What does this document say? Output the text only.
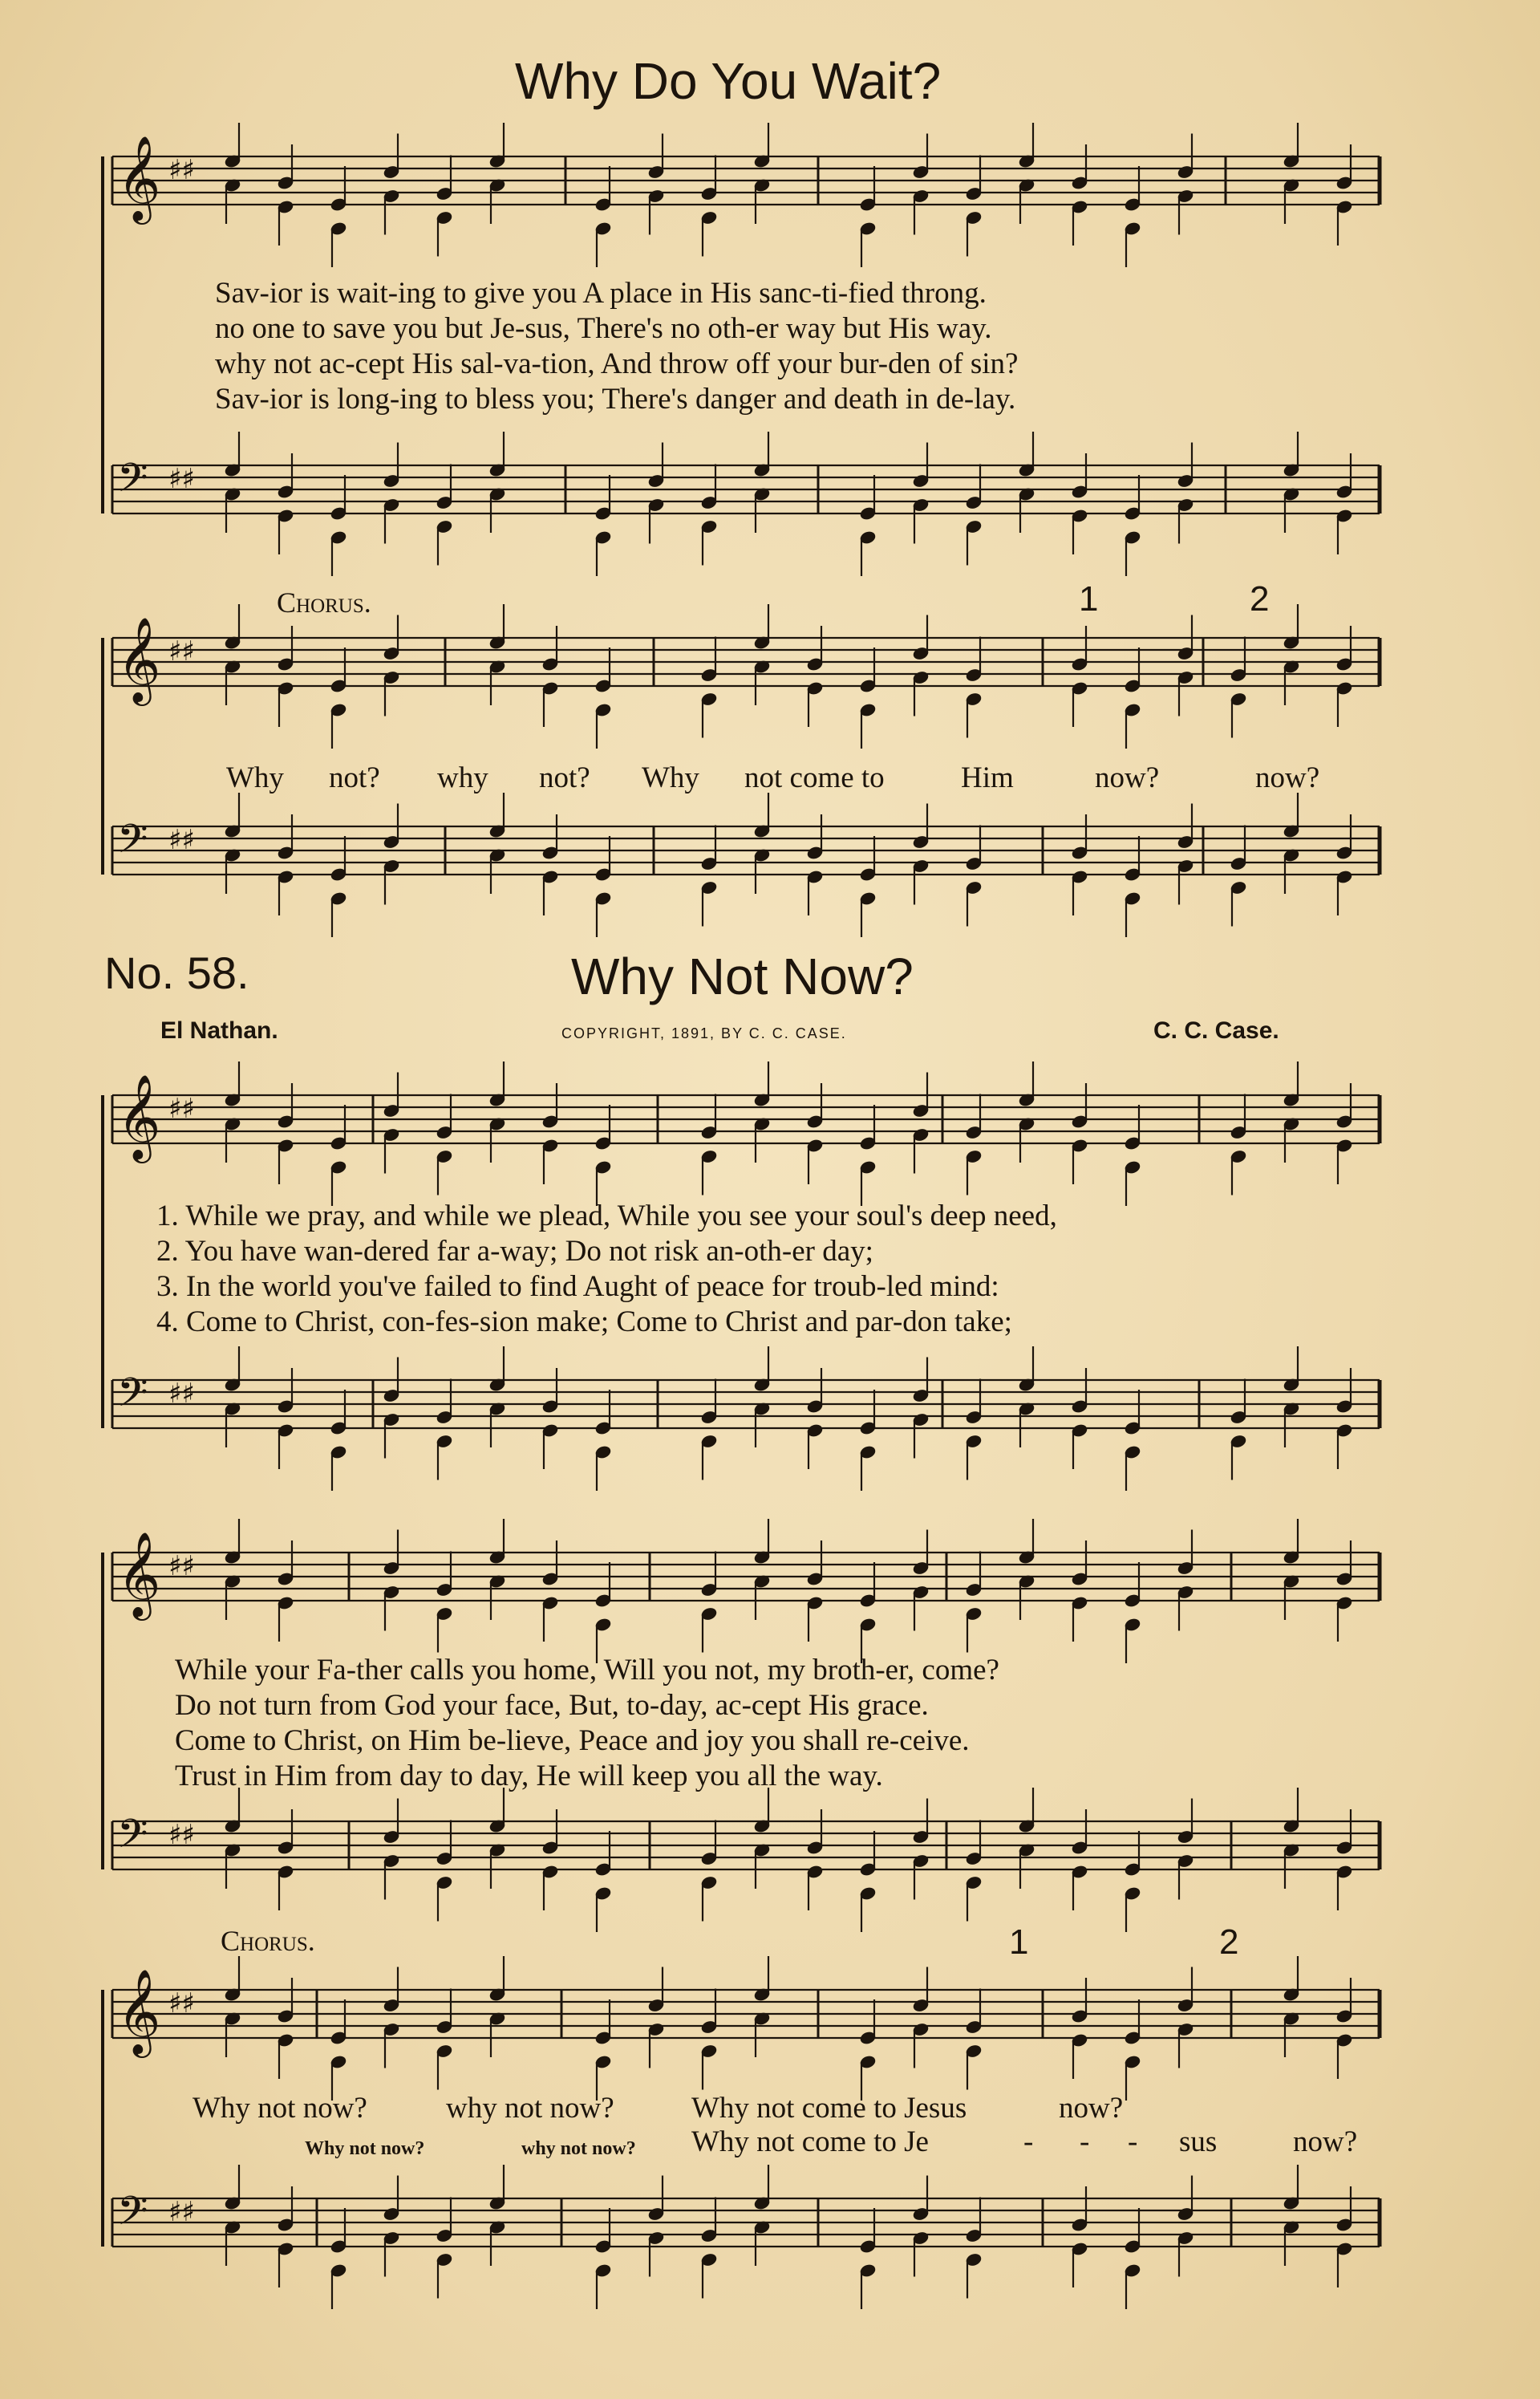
𝄞 ♯♯
𝄢 ♯♯
𝄞 ♯♯
𝄢 ♯♯
𝄞 ♯♯
𝄢 ♯♯
𝄞 ♯♯
𝄢 ♯♯
𝄞 ♯♯
𝄢 ♯♯
Why Do You Wait?
Sav-ior is wait-ing to give you A place in His sanc-ti-fied throng.
no one to save you but Je-sus, There's no oth-er way but His way.
why not ac-cept His sal-va-tion, And throw off your bur-den of sin?
Sav-ior is long-ing to bless you; There's danger and death in de-lay.
Chorus.	1	2
Why not? why not? Why not come to	Him	now?	now?
No. 58.	Why Not Now?
El Nathan.	COPYRIGHT, 1891, BY C. C. CASE.	C. C. Case.
1. While we pray, and while we plead, While you see your soul's deep need,
2. You have wan-dered far a-way; Do not risk an-oth-er day;
3. In the world you've failed to find Aught of peace for troub-led mind:
4. Come to Christ, con-fes-sion make; Come to Christ and par-don take;
While your Fa-ther calls you home, Will you not, my broth-er, come?
Do not turn from God your face, But, to-day, ac-cept His grace.
Come to Christ, on Him be-lieve, Peace and joy you shall re-ceive.
Trust in Him from day to day, He will keep you all the way.
Chorus.	1	2
Why not now?	why not now?	Why not come to Jesus	now?
Why not now?	why not now? Why not come to Je	- - - sus	now?
